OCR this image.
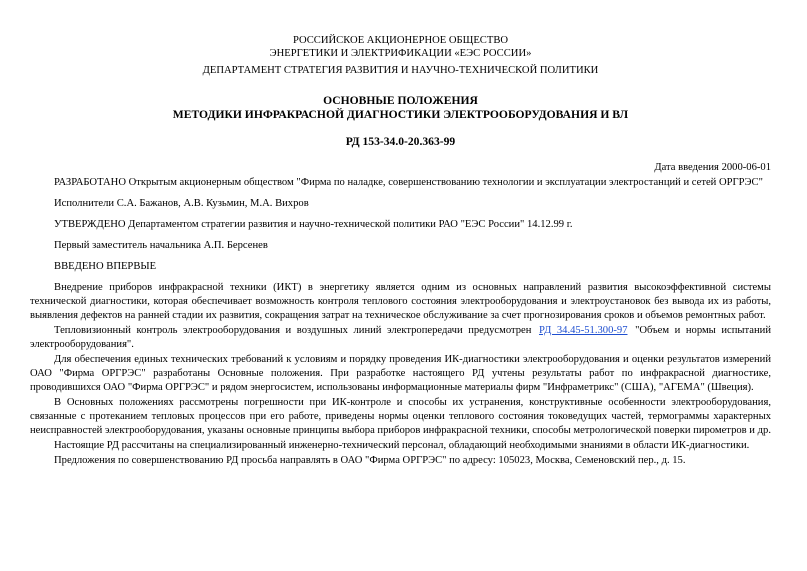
РОССИЙСКОЕ АКЦИОНЕРНОЕ ОБЩЕСТВО
ЭНЕРГЕТИКИ И ЭЛЕКТРИФИКАЦИИ «ЕЭС РОССИИ»
ДЕПАРТАМЕНТ СТРАТЕГИЯ РАЗВИТИЯ И НАУЧНО-ТЕХНИЧЕСКОЙ ПОЛИТИКИ
ОСНОВНЫЕ ПОЛОЖЕНИЯ
МЕТОДИКИ ИНФРАКРАСНОЙ ДИАГНОСТИКИ ЭЛЕКТРООБОРУДОВАНИЯ И ВЛ
РД 153-34.0-20.363-99
Дата введения 2000-06-01

РАЗРАБОТАНО Открытым акционерным обществом "Фирма по наладке, совершенствованию технологии и эксплуатации электростанций и сетей ОРГРЭС"

Исполнители С.А. Бажанов, А.В. Кузьмин, М.А. Вихров

УТВЕРЖДЕНО Департаментом стратегии развития и научно-технической политики РАО "ЕЭС России" 14.12.99 г.

Первый заместитель начальника А.П. Берсенев

ВВЕДЕНО ВПЕРВЫЕ

Внедрение приборов инфракрасной техники (ИКТ) в энергетику является одним из основных направлений развития высокоэффективной системы технической диагностики, которая обеспечивает возможность контроля теплового состояния электрооборудования и электроустановок без вывода их из работы, выявления дефектов на ранней стадии их развития, сокращения затрат на техническое обслуживание за счет прогнозирования сроков и объемов ремонтных работ.

Тепловизионный контроль электрооборудования и воздушных линий электропередачи предусмотрен РД 34.45-51.300-97 "Объем и нормы испытаний электрооборудования".

Для обеспечения единых технических требований к условиям и порядку проведения ИК-диагностики электрооборудования и оценки результатов измерений ОАО "Фирма ОРГРЭС" разработаны Основные положения. При разработке настоящего РД учтены результаты работ по инфракрасной диагностике, проводившихся ОАО "Фирма ОРГРЭС" и рядом энергосистем, использованы информационные материалы фирм "Инфраметрикс" (США), "АГЕМА" (Швеция).

В Основных положениях рассмотрены погрешности при ИК-контроле и способы их устранения, конструктивные особенности электрооборудования, связанные с протеканием тепловых процессов при его работе, приведены нормы оценки теплового состояния токоведущих частей, термограммы характерных неисправностей электрооборудования, указаны основные принципы выбора приборов инфракрасной техники, способы метрологической поверки пирометров и др.

Настоящие РД рассчитаны на специализированный инженерно-технический персонал, обладающий необходимыми знаниями в области ИК-диагностики.

Предложения по совершенствованию РД просьба направлять в ОАО "Фирма ОРГРЭС" по адресу: 105023, Москва, Семеновский пер., д. 15.
